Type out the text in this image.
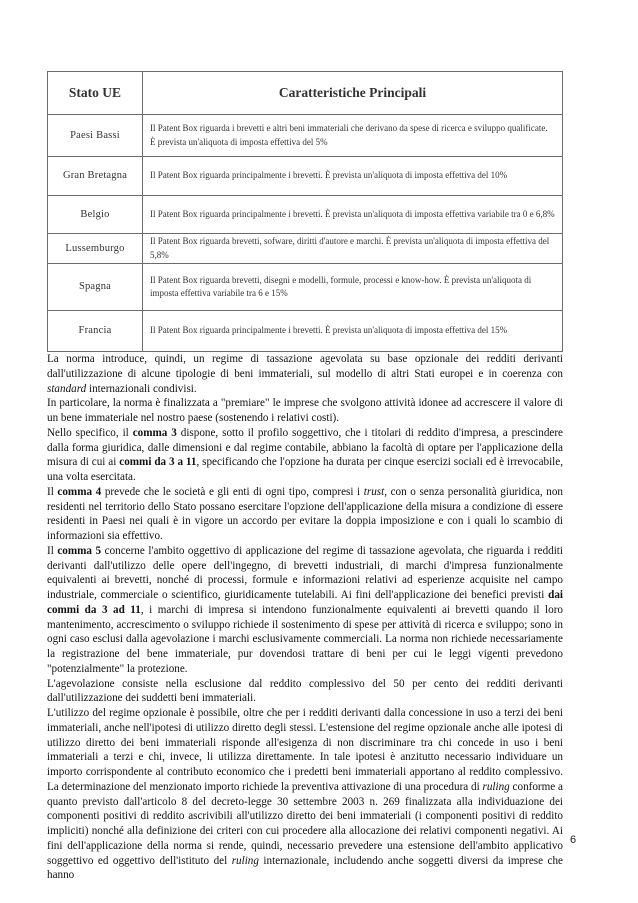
Stato UE	Caratteristiche Principali
Paesi Bassi	Il Patent Box riguarda i brevetti e altri beni immateriali che derivano da spese di ricerca e sviluppo qualificate. È prevista un'aliquota di imposta effettiva del 5%
Gran Bretagna	Il Patent Box riguarda principalmente i brevetti. È prevista un'aliquota di imposta effettiva del 10%
Belgio	Il Patent Box riguarda principalmente i brevetti. È prevista un'aliquota di imposta effettiva variabile tra 0 e 6,8%
Lussemburgo	Il Patent Box riguarda brevetti, sofware, diritti d'autore e marchi. È prevista un'aliquota di imposta effettiva del 5,8%
Spagna	Il Patent Box riguarda brevetti, disegni e modelli, formule, processi e know-how. È prevista un'aliquota di imposta effettiva variabile tra 6 e 15%
Francia	Il Patent Box riguarda principalmente i brevetti. È prevista un'aliquota di imposta effettiva del 15%

La norma introduce, quindi, un regime di tassazione agevolata su base opzionale dei redditi derivanti dall'utilizzazione di alcune tipologie di beni immateriali, sul modello di altri Stati europei e in coerenza con standard internazionali condivisi.

In particolare, la norma è finalizzata a "premiare" le imprese che svolgono attività idonee ad accrescere il valore di un bene immateriale nel nostro paese (sostenendo i relativi costi).

Nello specifico, il comma 3 dispone, sotto il profilo soggettivo, che i titolari di reddito d'impresa, a prescindere dalla forma giuridica, dalle dimensioni e dal regime contabile, abbiano la facoltà di optare per l'applicazione della misura di cui ai commi da 3 a 11, specificando che l'opzione ha durata per cinque esercizi sociali ed è irrevocabile, una volta esercitata.

Il comma 4 prevede che le società e gli enti di ogni tipo, compresi i trust, con o senza personalità giuridica, non residenti nel territorio dello Stato possano esercitare l'opzione dell'applicazione della misura a condizione di essere residenti in Paesi nei quali è in vigore un accordo per evitare la doppia imposizione e con i quali lo scambio di informazioni sia effettivo.

Il comma 5 concerne l'ambito oggettivo di applicazione del regime di tassazione agevolata, che riguarda i redditi derivanti dall'utilizzo delle opere dell'ingegno, di brevetti industriali, di marchi d'impresa funzionalmente equivalenti ai brevetti, nonché di processi, formule e informazioni relativi ad esperienze acquisite nel campo industriale, commerciale o scientifico, giuridicamente tutelabili. Ai fini dell'applicazione dei benefici previsti dai commi da 3 ad 11, i marchi di impresa si intendono funzionalmente equivalenti ai brevetti quando il loro mantenimento, accrescimento o sviluppo richiede il sostenimento di spese per attività di ricerca e sviluppo; sono in ogni caso esclusi dalla agevolazione i marchi esclusivamente commerciali. La norma non richiede necessariamente la registrazione del bene immateriale, pur dovendosi trattare di beni per cui le leggi vigenti prevedono "potenzialmente" la protezione.

L'agevolazione consiste nella esclusione dal reddito complessivo del 50 per cento dei redditi derivanti dall'utilizzazione dei suddetti beni immateriali.

L'utilizzo del regime opzionale è possibile, oltre che per i redditi derivanti dalla concessione in uso a terzi dei beni immateriali, anche nell'ipotesi di utilizzo diretto degli stessi. L'estensione del regime opzionale anche alle ipotesi di utilizzo diretto dei beni immateriali risponde all'esigenza di non discriminare tra chi concede in uso i beni immateriali a terzi e chi, invece, li utilizza direttamente. In tale ipotesi è anzitutto necessario individuare un importo corrispondente al contributo economico che i predetti beni immateriali apportano al reddito complessivo. La determinazione del menzionato importo richiede la preventiva attivazione di una procedura di ruling conforme a quanto previsto dall'articolo 8 del decreto-legge 30 settembre 2003 n. 269 finalizzata alla individuazione dei componenti positivi di reddito ascrivibili all'utilizzo diretto dei beni immateriali (i componenti positivi di reddito impliciti) nonché alla definizione dei criteri con cui procedere alla allocazione dei relativi componenti negativi. Ai fini dell'applicazione della norma si rende, quindi, necessario prevedere una estensione dell'ambito applicativo soggettivo ed oggettivo dell'istituto del ruling internazionale, includendo anche soggetti diversi da imprese che hanno

6
